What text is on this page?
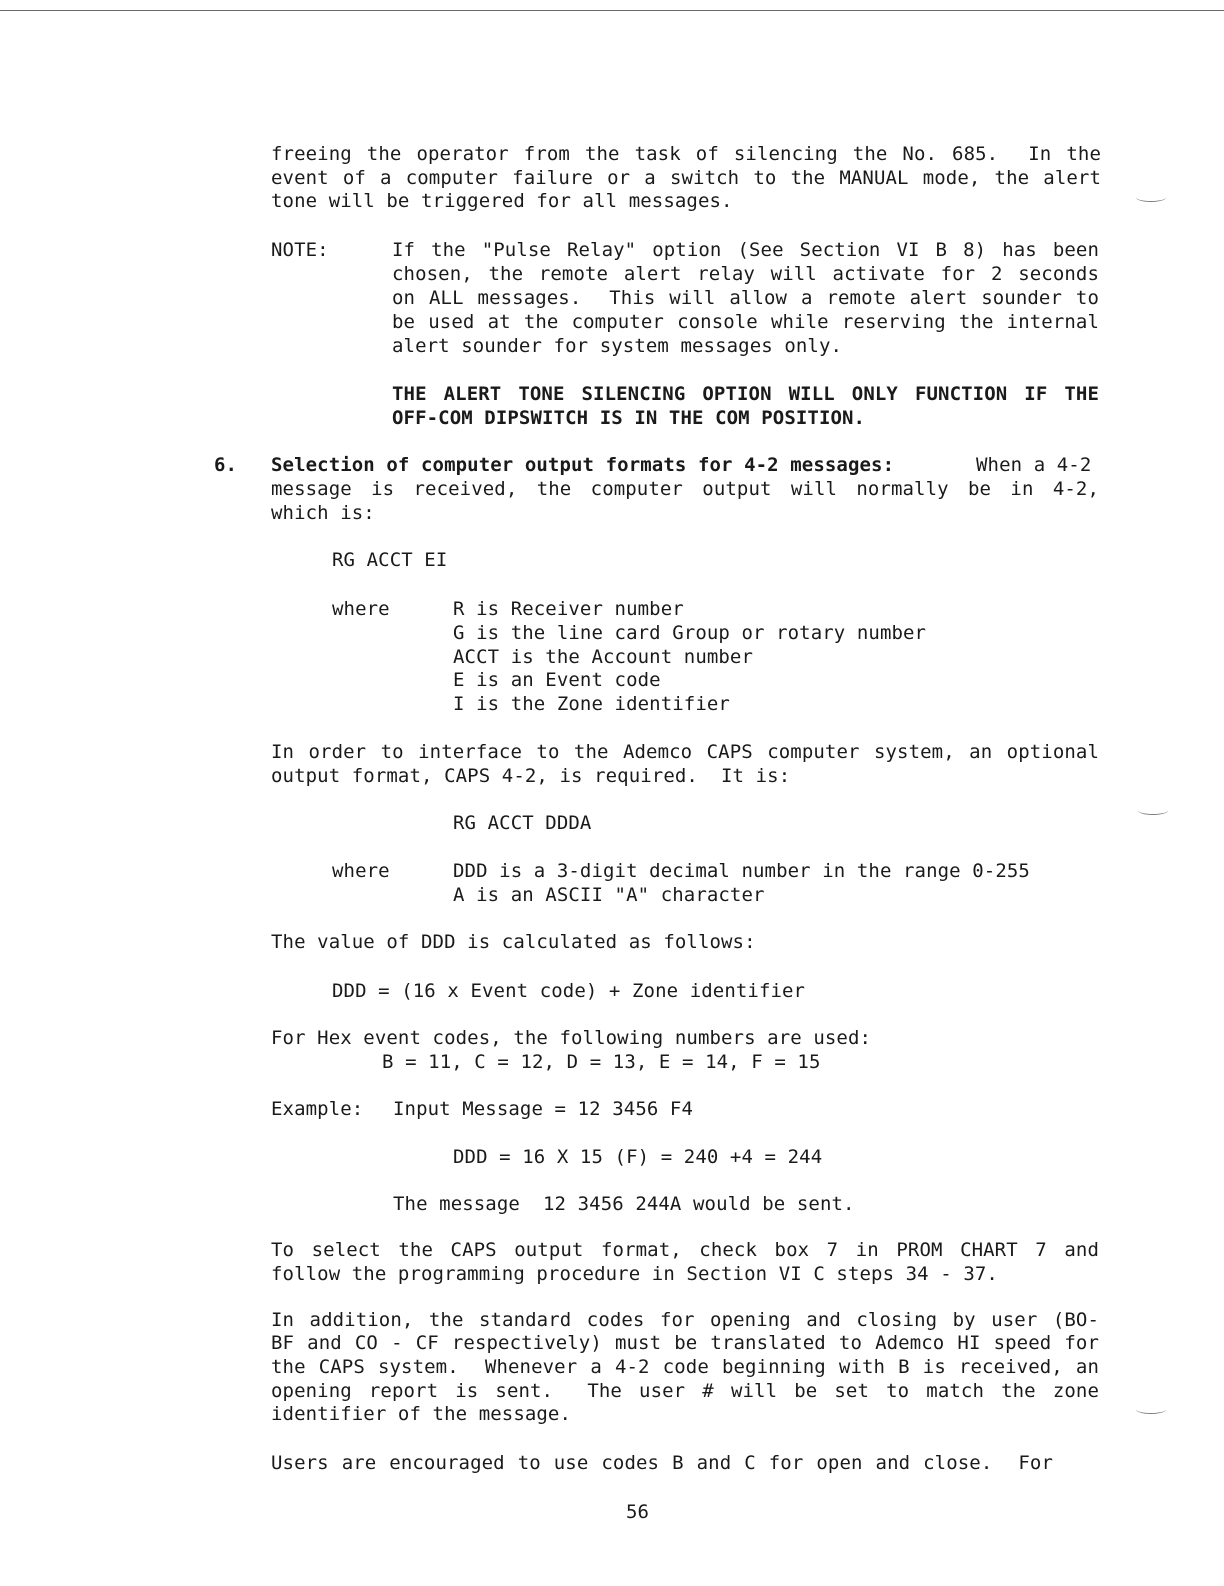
freeing the operator from the task of silencing the No. 685.  In the
event of a computer failure or a switch to the MANUAL mode, the alert
tone will be triggered for all messages.
NOTE:	If the "Pulse Relay" option (See Section VI B 8) has been
chosen, the remote alert relay will activate for 2 seconds
on ALL messages.  This will allow a remote alert sounder to
be used at the computer console while reserving the internal
alert sounder for system messages only.
THE ALERT TONE SILENCING OPTION WILL ONLY FUNCTION IF THE
OFF-COM DIPSWITCH IS IN THE COM POSITION.
6. Selection of computer output formats for 4-2 messages:	When a 4-2
message is received, the computer output will normally be in 4-2,
which is:
RG ACCT EI
where	R is Receiver number
G is the line card Group or rotary number
ACCT is the Account number
E is an Event code
I is the Zone identifier
In order to interface to the Ademco CAPS computer system, an optional
output format, CAPS 4-2, is required.  It is:
RG ACCT DDDA
where	DDD is a 3-digit decimal number in the range 0-255
A is an ASCII "A" character
The value of DDD is calculated as follows:
DDD = (16 x Event code) + Zone identifier
For Hex event codes, the following numbers are used:
B = 11, C = 12, D = 13, E = 14, F = 15
Example: Input Message = 12 3456 F4
DDD = 16 X 15 (F) = 240 +4 = 244
The message  12 3456 244A would be sent.
To select the CAPS output format, check box 7 in PROM CHART 7 and
follow the programming procedure in Section VI C steps 34 - 37.
In addition, the standard codes for opening and closing by user (BO-
BF and CO - CF respectively) must be translated to Ademco HI speed for
the CAPS system.  Whenever a 4-2 code beginning with B is received, an
opening report is sent.  The user # will be set to match the zone
identifier of the message.
Users are encouraged to use codes B and C for open and close.  For
56
